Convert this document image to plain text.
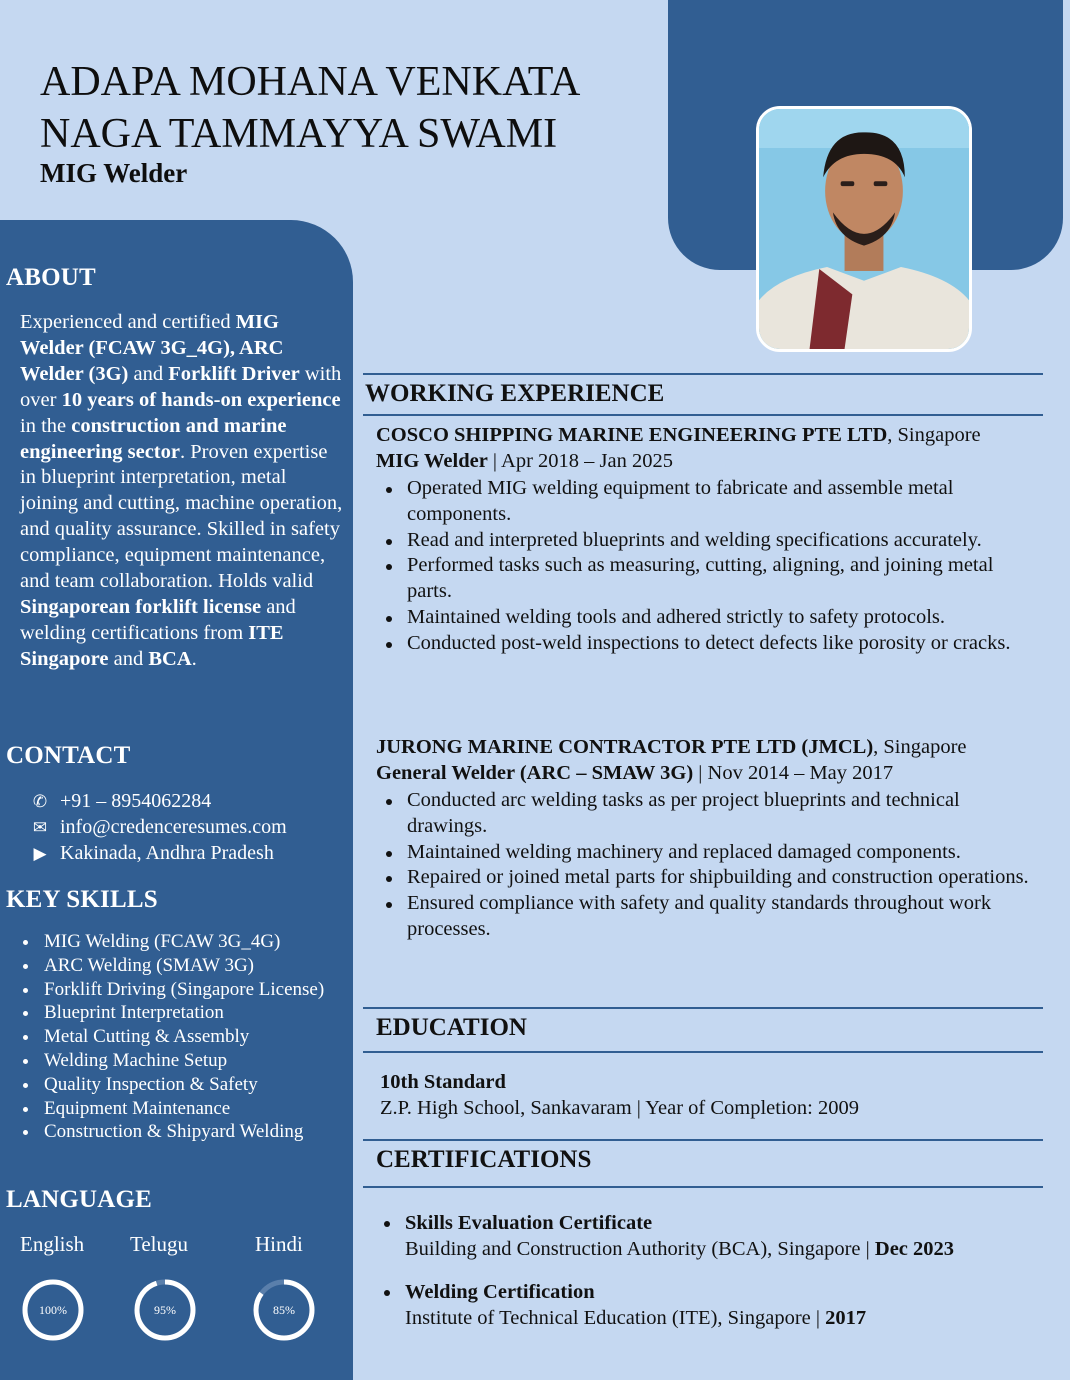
ADAPA MOHANA VENKATA
NAGA TAMMAYYA SWAMI
MIG Welder
ABOUT

Experienced and certified MIG Welder (FCAW 3G_4G), ARC Welder (3G) and Forklift Driver with over 10 years of hands-on experience in the construction and marine engineering sector. Proven expertise in blueprint interpretation, metal joining and cutting, machine operation, and quality assurance. Skilled in safety compliance, equipment maintenance, and team collaboration. Holds valid Singaporean forklift license and welding certifications from ITE Singapore and BCA.

CONTACT
✆ +91 – 8954062284
✉ info@credenceresumes.com
▶ Kakinada, Andhra Pradesh
KEY SKILLS
MIG Welding (FCAW 3G_4G)
ARC Welding (SMAW 3G)
Forklift Driving (Singapore License)
Blueprint Interpretation
Metal Cutting & Assembly
Welding Machine Setup
Quality Inspection & Safety
Equipment Maintenance
Construction & Shipyard Welding
LANGUAGE
English Telugu	Hindi
100%	95%	85%
WORKING EXPERIENCE
COSCO SHIPPING MARINE ENGINEERING PTE LTD, Singapore
MIG Welder | Apr 2018 – Jan 2025
Operated MIG welding equipment to fabricate and assemble metal components.
Read and interpreted blueprints and welding specifications accurately.
Performed tasks such as measuring, cutting, aligning, and joining metal parts.
Maintained welding tools and adhered strictly to safety protocols.
Conducted post-weld inspections to detect defects like porosity or cracks.
JURONG MARINE CONTRACTOR PTE LTD (JMCL), Singapore
General Welder (ARC – SMAW 3G) | Nov 2014 – May 2017
Conducted arc welding tasks as per project blueprints and technical drawings.
Maintained welding machinery and replaced damaged components.
Repaired or joined metal parts for shipbuilding and construction operations.
Ensured compliance with safety and quality standards throughout work processes.
EDUCATION
10th Standard
Z.P. High School, Sankavaram | Year of Completion: 2009
CERTIFICATIONS
Skills Evaluation Certificate
Building and Construction Authority (BCA), Singapore | Dec 2023
Welding Certification
Institute of Technical Education (ITE), Singapore | 2017
